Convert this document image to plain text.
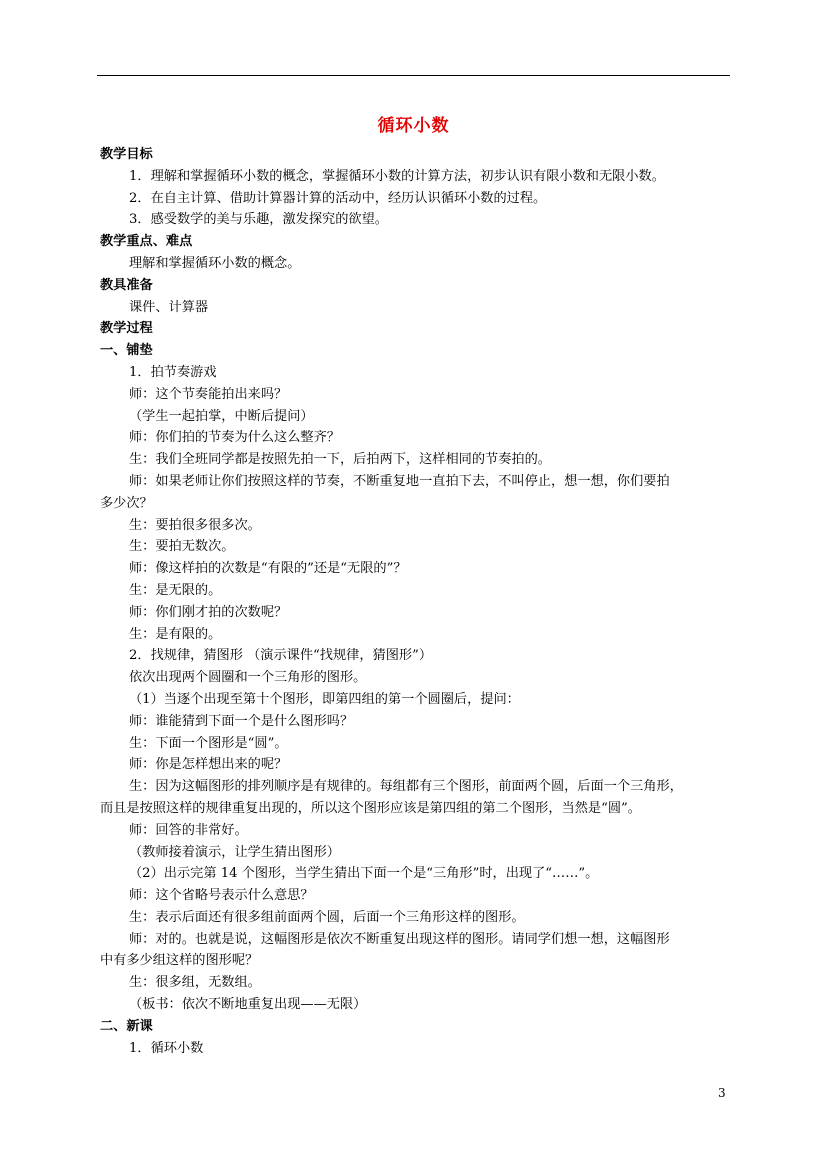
循环小数
教学目标
1．理解和掌握循环小数的概念，掌握循环小数的计算方法，初步认识有限小数和无限小数。
2．在自主计算、借助计算器计算的活动中，经历认识循环小数的过程。
3．感受数学的美与乐趣，激发探究的欲望。
教学重点、难点
理解和掌握循环小数的概念。
教具准备
课件、计算器
教学过程
一、铺垫
1．拍节奏游戏
师：这个节奏能拍出来吗？
（学生一起拍掌，中断后提问）
师：你们拍的节奏为什么这么整齐？
生：我们全班同学都是按照先拍一下，后拍两下，这样相同的节奏拍的。
师：如果老师让你们按照这样的节奏，不断重复地一直拍下去，不叫停止，想一想，你们要拍
多少次？
生：要拍很多很多次。
生：要拍无数次。
师：像这样拍的次数是“有限的”还是“无限的”？
生：是无限的。
师：你们刚才拍的次数呢？
生：是有限的。
2．找规律，猜图形 （演示课件“找规律，猜图形”）
依次出现两个圆圈和一个三角形的图形。
（1）当逐个出现至第十个图形，即第四组的第一个圆圈后，提问：
师：谁能猜到下面一个是什么图形吗？
生：下面一个图形是“圆”。
师：你是怎样想出来的呢？
生：因为这幅图形的排列顺序是有规律的。每组都有三个图形，前面两个圆，后面一个三角形，
而且是按照这样的规律重复出现的，所以这个图形应该是第四组的第二个图形，当然是“圆”。
师：回答的非常好。
（教师接着演示，让学生猜出图形）
（2）出示完第 14 个图形，当学生猜出下面一个是“三角形”时，出现了“……”。
师：这个省略号表示什么意思？
生：表示后面还有很多组前面两个圆，后面一个三角形这样的图形。
师：对的。也就是说，这幅图形是依次不断重复出现这样的图形。请同学们想一想，这幅图形
中有多少组这样的图形呢？
生：很多组，无数组。
（板书：依次不断地重复出现——无限）
二、新课
1．循环小数
3
